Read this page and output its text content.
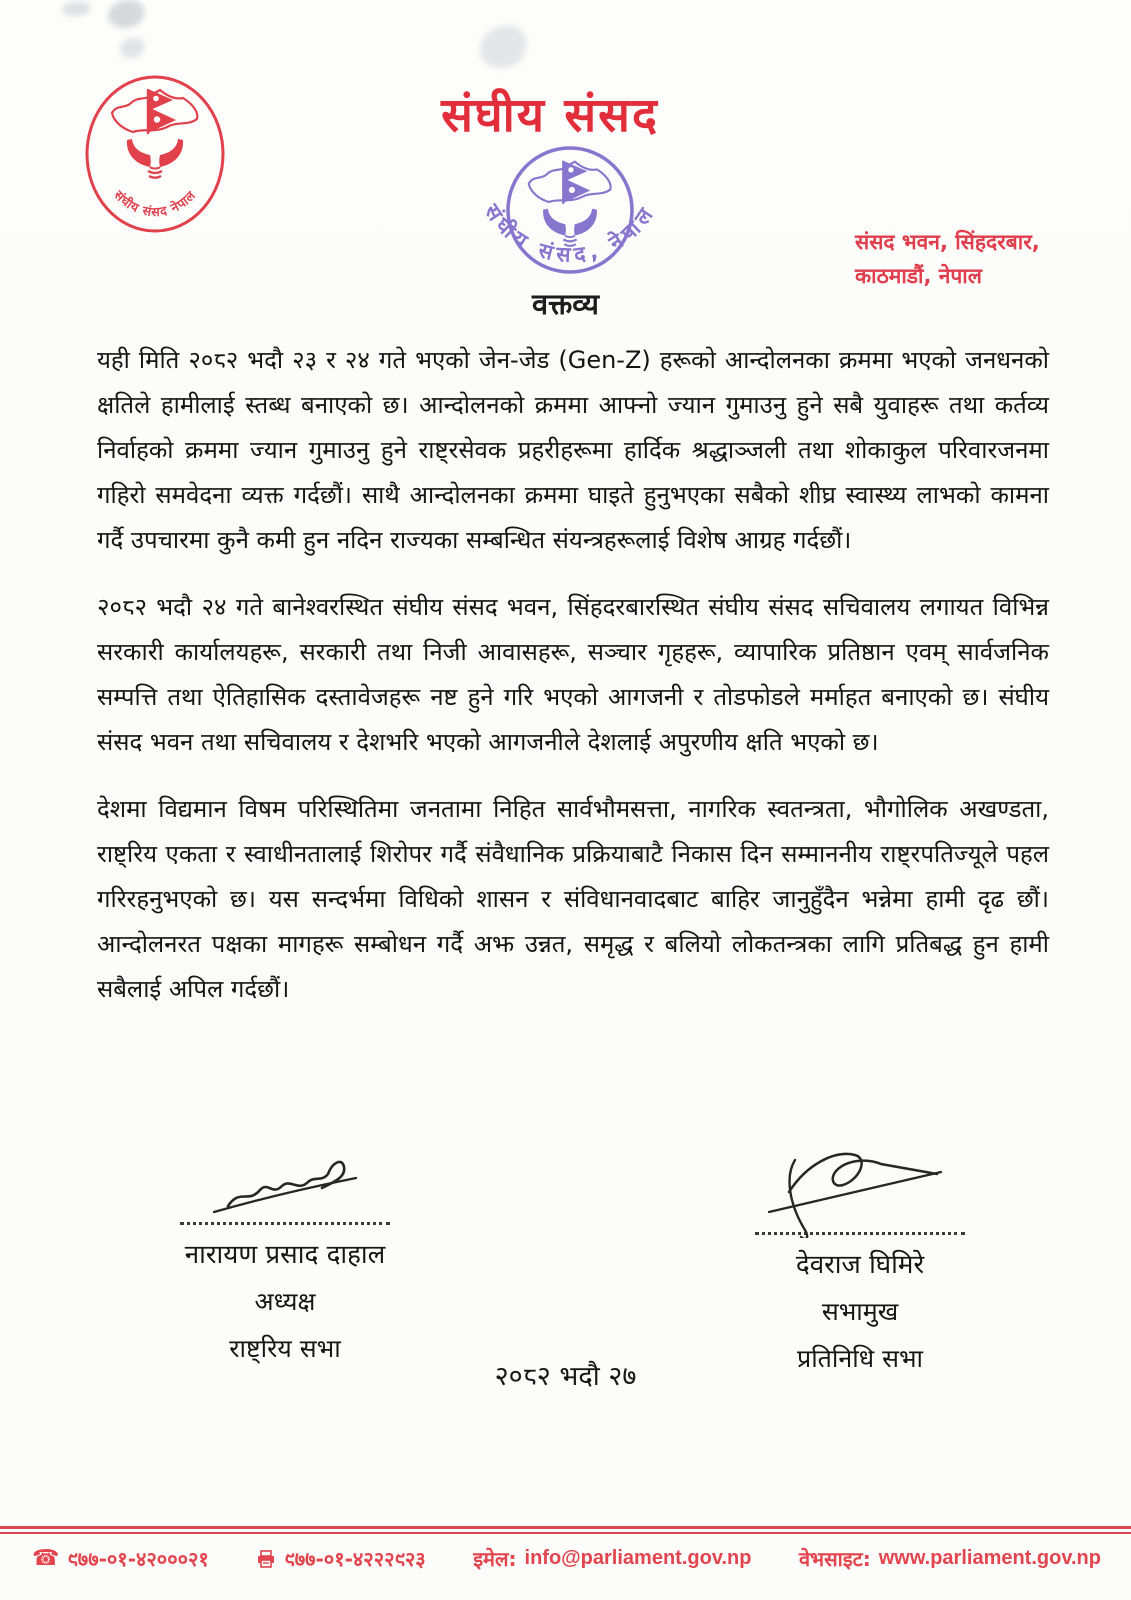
संघीय संसद नेपाल
संघीय संसद
संघीय संसद, नेपाल
संसद भवन, सिंहदरबार,
काठमाडौं, नेपाल
वक्तव्य

यही मिति २०८२ भदौ २३ र २४ गते भएको जेन-जेड (Gen-Z) हरूको आन्दोलनका क्रममा भएको जनधनको क्षतिले हामीलाई स्तब्ध बनाएको छ। आन्दोलनको क्रममा आफ्नो ज्यान गुमाउनु हुने सबै युवाहरू तथा कर्तव्य निर्वाहको क्रममा ज्यान गुमाउनु हुने राष्ट्रसेवक प्रहरीहरूमा हार्दिक श्रद्धाञ्जली तथा शोकाकुल परिवारजनमा गहिरो समवेदना व्यक्त गर्दछौं। साथै आन्दोलनका क्रममा घाइते हुनुभएका सबैको शीघ्र स्वास्थ्य लाभको कामना गर्दै उपचारमा कुनै कमी हुन नदिन राज्यका सम्बन्धित संयन्त्रहरूलाई विशेष आग्रह गर्दछौं।

२०८२ भदौ २४ गते बानेश्वरस्थित संघीय संसद भवन, सिंहदरबारस्थित संघीय संसद सचिवालय लगायत विभिन्न सरकारी कार्यालयहरू, सरकारी तथा निजी आवासहरू, सञ्चार गृहहरू, व्यापारिक प्रतिष्ठान एवम् सार्वजनिक सम्पत्ति तथा ऐतिहासिक दस्तावेजहरू नष्ट हुने गरि भएको आगजनी र तोडफोडले मर्माहत बनाएको छ। संघीय संसद भवन तथा सचिवालय र देशभरि भएको आगजनीले देशलाई अपुरणीय क्षति भएको छ।

देशमा विद्यमान विषम परिस्थितिमा जनतामा निहित सार्वभौमसत्ता, नागरिक स्वतन्त्रता, भौगोलिक अखण्डता, राष्ट्रिय एकता र स्वाधीनतालाई शिरोपर गर्दै संवैधानिक प्रक्रियाबाटै निकास दिन सम्माननीय राष्ट्रपतिज्यूले पहल गरिरहनुभएको छ। यस सन्दर्भमा विधिको शासन र संविधानवादबाट बाहिर जानुहुँदैन भन्नेमा हामी दृढ छौं। आन्दोलनरत पक्षका मागहरू सम्बोधन गर्दै अझ उन्नत, समृद्ध र बलियो लोकतन्त्रका लागि प्रतिबद्ध हुन हामी सबैलाई अपिल गर्दछौं।

नारायण प्रसाद दाहाल
अध्यक्ष
राष्ट्रिय सभा
देवराज घिमिरे
सभामुख
प्रतिनिधि सभा
२०८२ भदौ २७
☎ ९७७-०१-४२०००२१	९७७-०१-४२२२९२३ इमेल: info@parliament.gov.np वेभसाइट: www.parliament.gov.np
